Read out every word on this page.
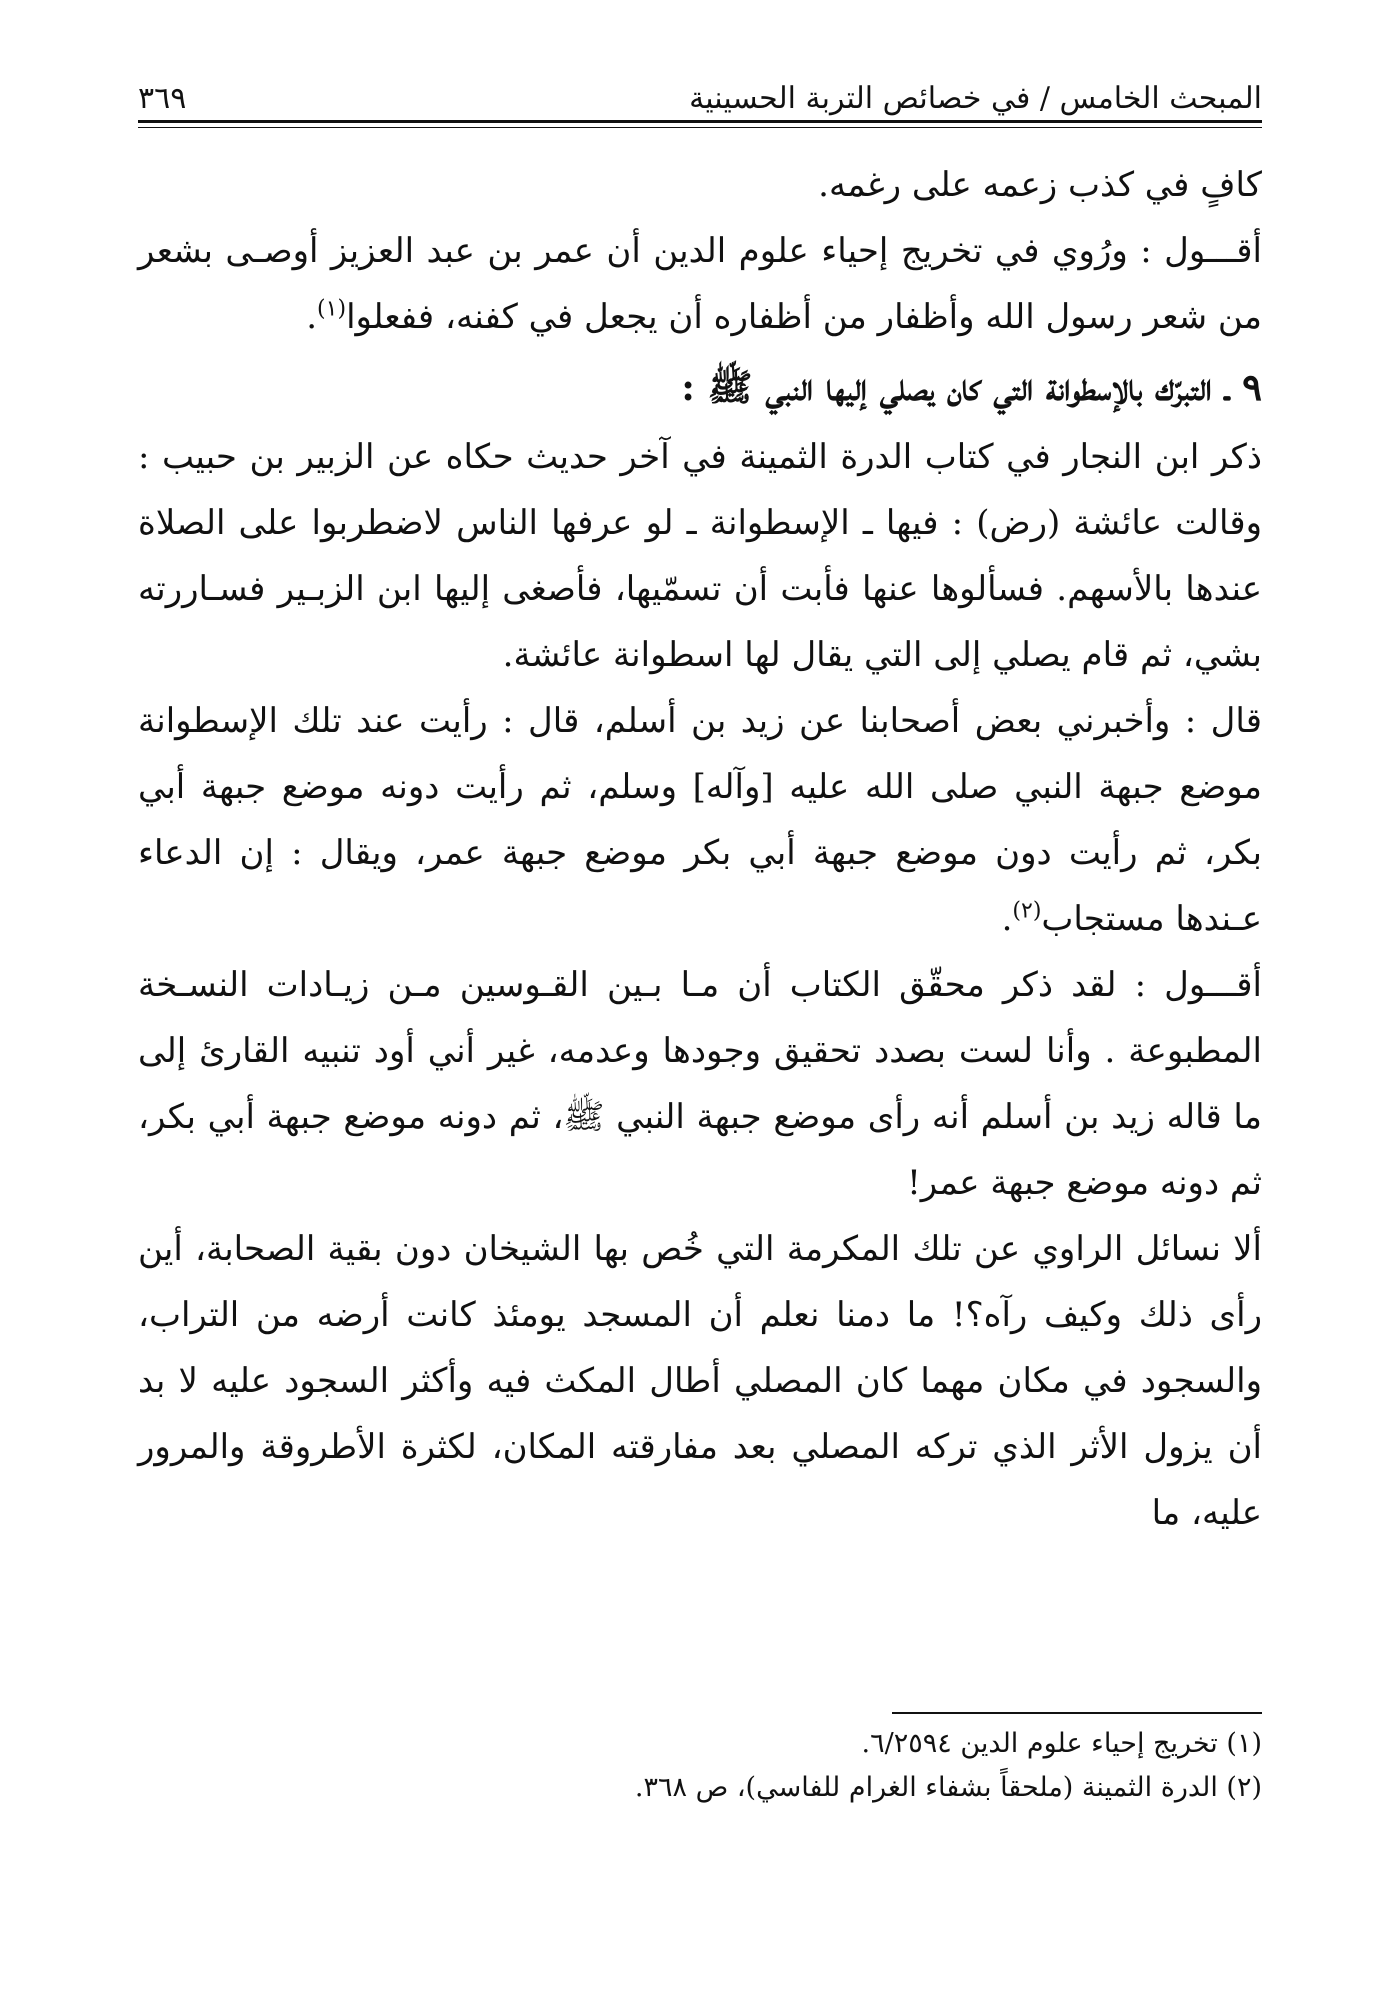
المبحث الخامس / في خصائص التربة الحسينية
٣٦٩

كافٍ في كذب زعمه على رغمه.

أقـــول : ورُوي في تخريج إحياء علوم الدين أن عمر بن عبد العزيز أوصـى بشعر من شعر رسول الله وأظفار من أظفاره أن يجعل في كفنه، ففعلوا$^{(١)}$.

٩ ـ التبرّك بالإسطوانة التي كان يصلي إليها النبي ﷺ :

ذكر ابن النجار في كتاب الدرة الثمينة في آخر حديث حكاه عن الزبير بن حبيب : وقالت عائشة (رض) : فيها ـ الإسطوانة ـ لو عرفها الناس لاضطربوا على الصلاة عندها بالأسهم. فسألوها عنها فأبت أن تسمّيها، فأصغى إليها ابن الزبـير فسـاررته بشي، ثم قام يصلي إلى التي يقال لها اسطوانة عائشة.

قال : وأخبرني بعض أصحابنا عن زيد بن أسلم، قال : رأيت عند تلك الإسطوانة موضع جبهة النبي صلى الله عليه [وآله] وسلم، ثم رأيت دونه موضع جبهة أبي بكر، ثم رأيت دون موضع جبهة أبي بكر موضع جبهة عمر، ويقال : إن الدعاء عـندها مستجاب$^{(٢)}$.

أقـــول : لقد ذكر محقّق الكتاب أن مـا بـين القـوسين مـن زيـادات النسـخة المطبوعة . وأنا لست بصدد تحقيق وجودها وعدمه، غير أني أود تنبيه القارئ إلى ما قاله زيد بن أسلم أنه رأى موضع جبهة النبي ﷺ، ثم دونه موضع جبهة أبي بكر، ثم دونه موضع جبهة عمر!

ألا نسائل الراوي عن تلك المكرمة التي خُص بها الشيخان دون بقية الصحابة، أين رأى ذلك وكيف رآه؟! ما دمنا نعلم أن المسجد يومئذ كانت أرضه من التراب، والسجود في مكان مهما كان المصلي أطال المكث فيه وأكثر السجود عليه لا بد أن يزول الأثر الذي تركه المصلي بعد مفارقته المكان، لكثرة الأطروقة والمرور عليه، ما

(١) تخريج إحياء علوم الدين ٦/٢٥٩٤.

(٢) الدرة الثمينة (ملحقاً بشفاء الغرام للفاسي)، ص ٣٦٨.
